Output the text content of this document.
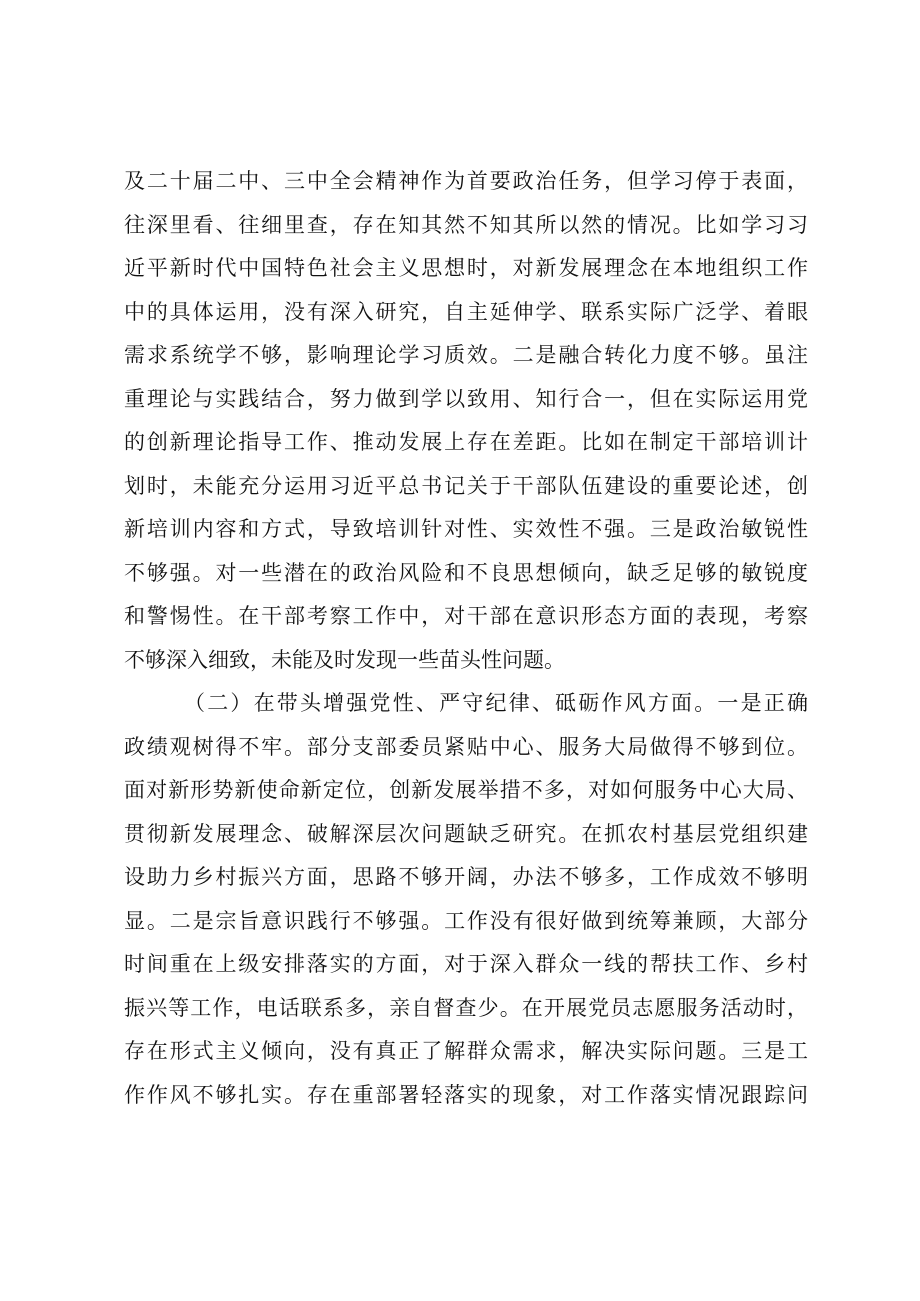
及二十届二中、三中全会精神作为首要政治任务，但学习停于表面，
往深里看、往细里查，存在知其然不知其所以然的情况。比如学习习
近平新时代中国特色社会主义思想时，对新发展理念在本地组织工作
中的具体运用，没有深入研究，自主延伸学、联系实际广泛学、着眼
需求系统学不够，影响理论学习质效。二是融合转化力度不够。虽注
重理论与实践结合，努力做到学以致用、知行合一，但在实际运用党
的创新理论指导工作、推动发展上存在差距。比如在制定干部培训计
划时，未能充分运用习近平总书记关于干部队伍建设的重要论述，创
新培训内容和方式，导致培训针对性、实效性不强。三是政治敏锐性
不够强。对一些潜在的政治风险和不良思想倾向，缺乏足够的敏锐度
和警惕性。在干部考察工作中，对干部在意识形态方面的表现，考察
不够深入细致，未能及时发现一些苗头性问题。
（二）在带头增强党性、严守纪律、砥砺作风方面。一是正确
政绩观树得不牢。部分支部委员紧贴中心、服务大局做得不够到位。
面对新形势新使命新定位，创新发展举措不多，对如何服务中心大局、
贯彻新发展理念、破解深层次问题缺乏研究。在抓农村基层党组织建
设助力乡村振兴方面，思路不够开阔，办法不够多，工作成效不够明
显。二是宗旨意识践行不够强。工作没有很好做到统筹兼顾，大部分
时间重在上级安排落实的方面，对于深入群众一线的帮扶工作、乡村
振兴等工作，电话联系多，亲自督查少。在开展党员志愿服务活动时，
存在形式主义倾向，没有真正了解群众需求，解决实际问题。三是工
作作风不够扎实。存在重部署轻落实的现象，对工作落实情况跟踪问
